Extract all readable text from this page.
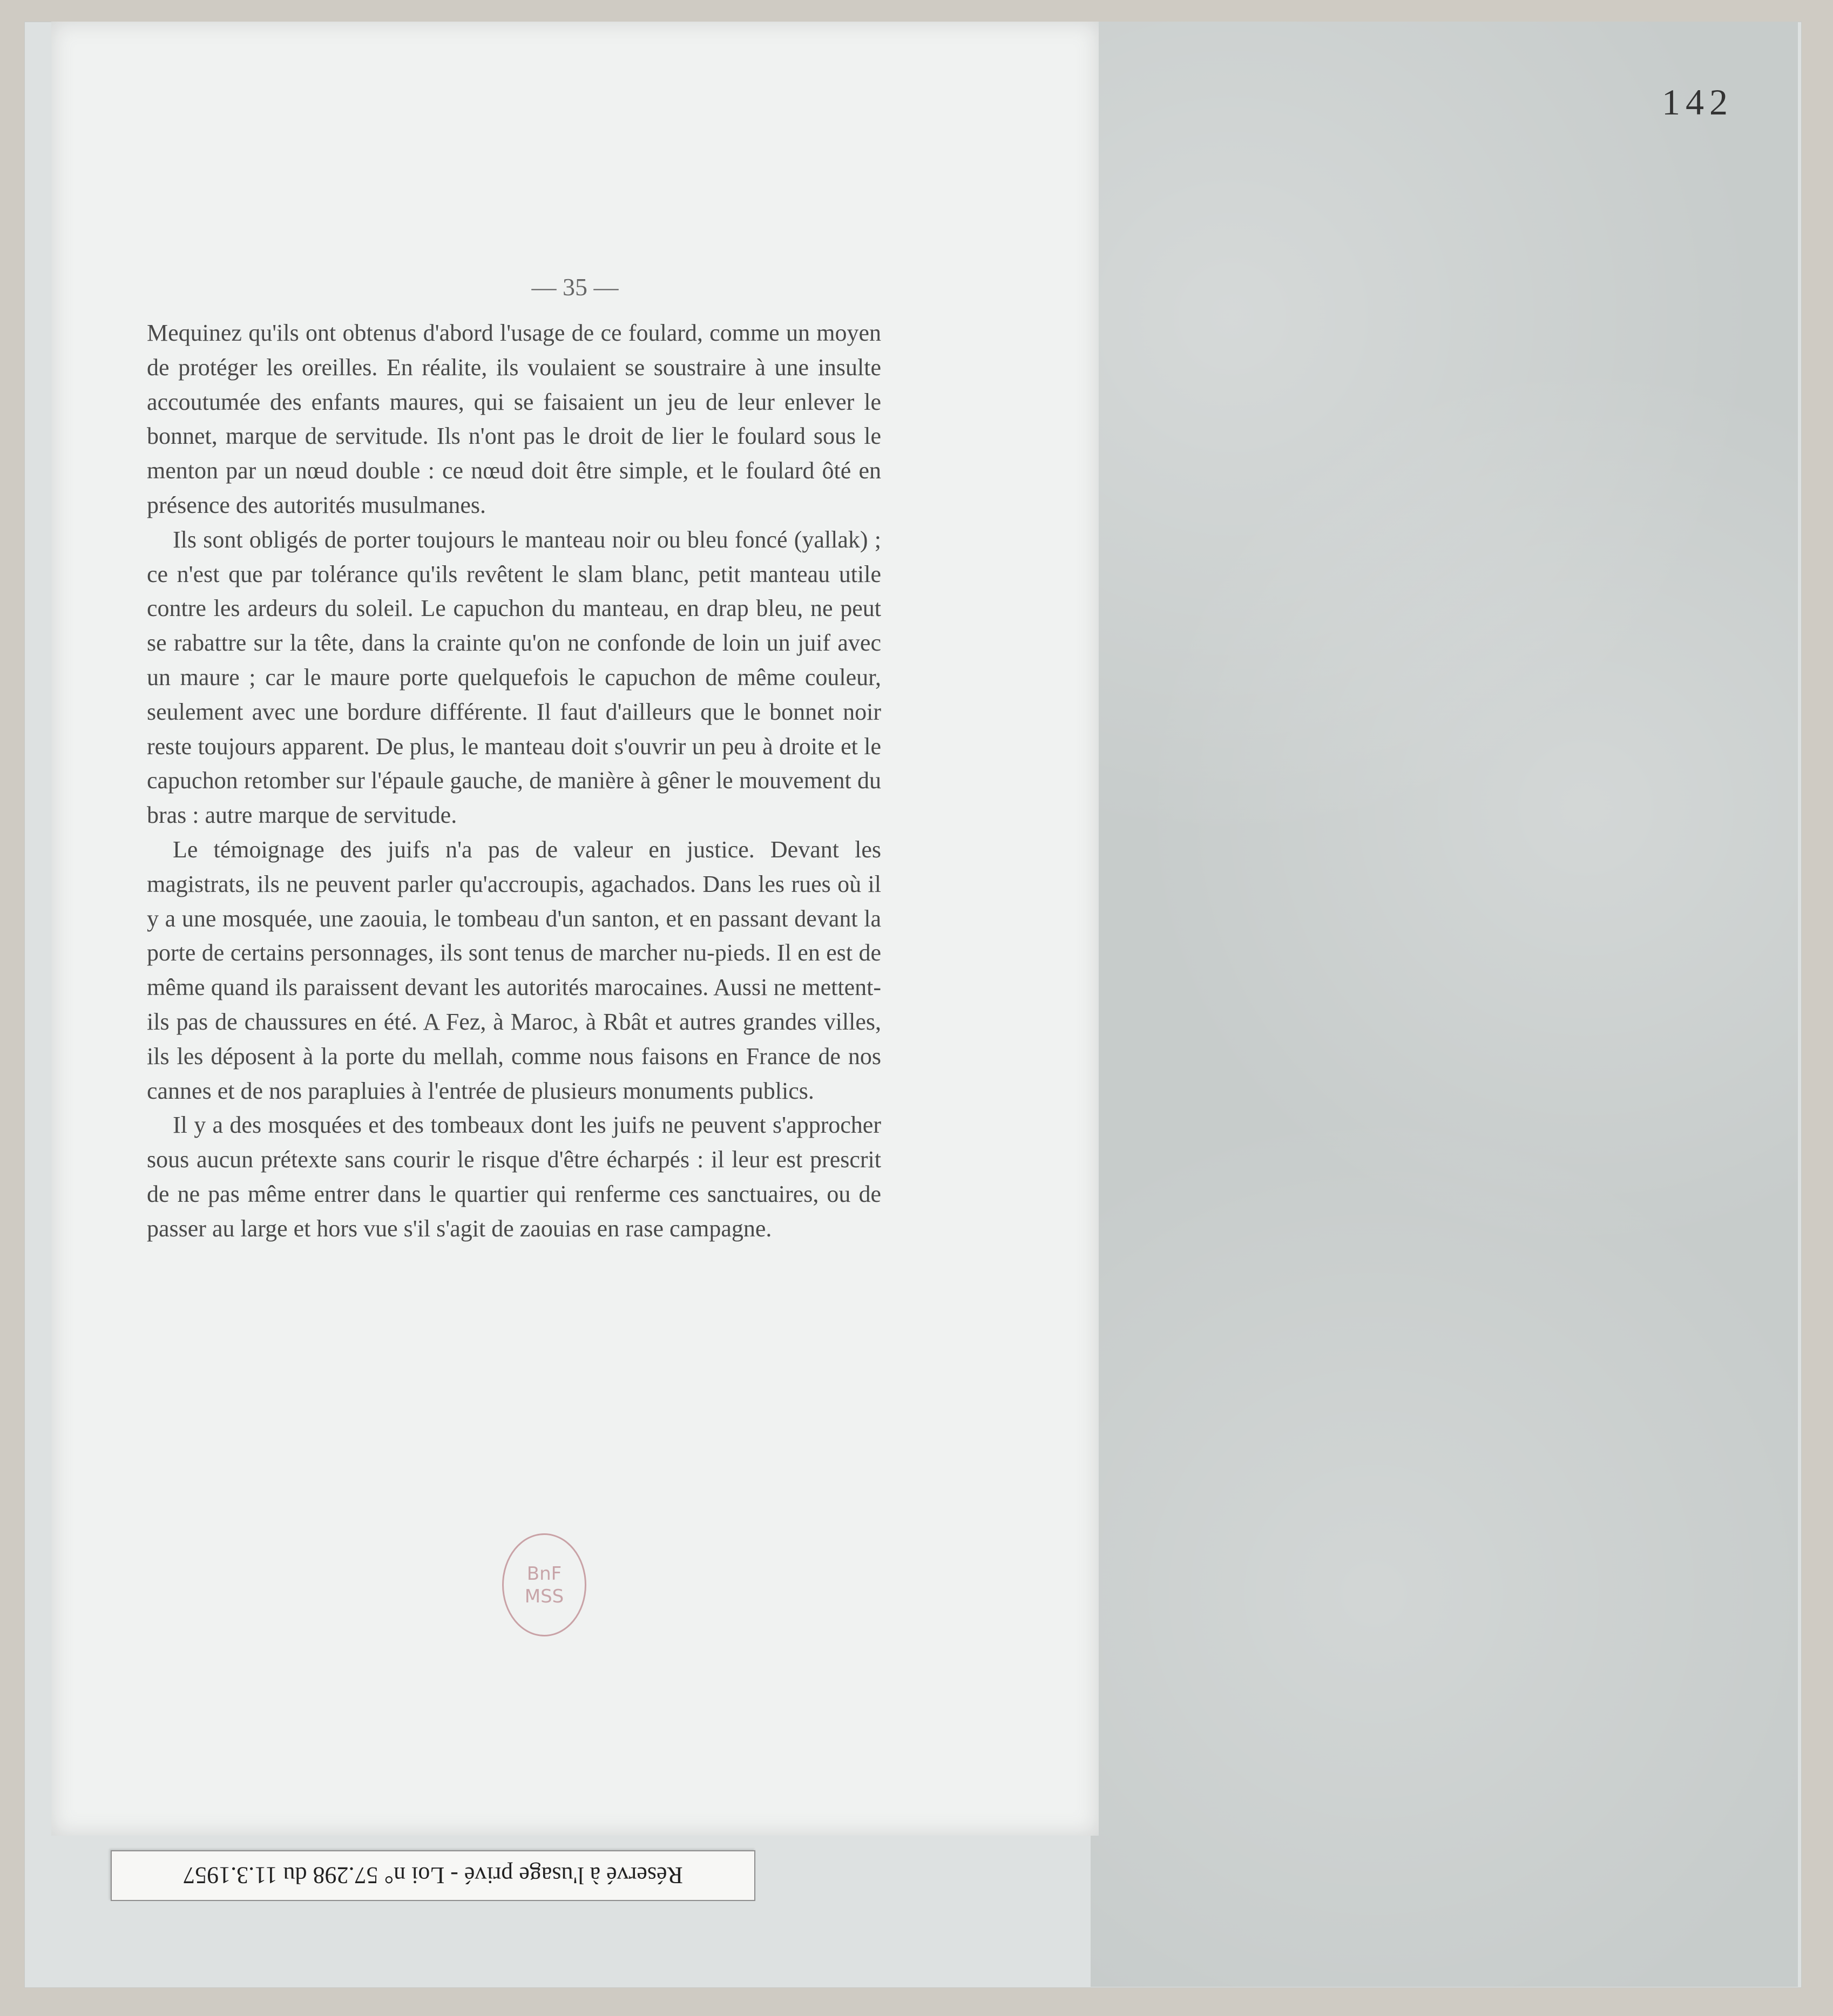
142
— 35 —

Mequinez qu'ils ont obtenus d'abord l'usage de ce foulard, comme un moyen de protéger les oreilles. En réalite, ils voulaient se soustraire à une insulte accoutumée des enfants maures, qui se faisaient un jeu de leur enlever le bonnet, marque de servitude. Ils n'ont pas le droit de lier le foulard sous le menton par un nœud double : ce nœud doit être simple, et le foulard ôté en présence des autorités musulmanes.

Ils sont obligés de porter toujours le manteau noir ou bleu foncé (yallak) ; ce n'est que par tolérance qu'ils revêtent le slam blanc, petit manteau utile contre les ardeurs du soleil. Le capuchon du manteau, en drap bleu, ne peut se rabattre sur la tête, dans la crainte qu'on ne confonde de loin un juif avec un maure ; car le maure porte quelquefois le capuchon de même couleur, seulement avec une bordure différente. Il faut d'ailleurs que le bonnet noir reste toujours apparent. De plus, le manteau doit s'ouvrir un peu à droite et le capuchon retomber sur l'épaule gauche, de manière à gêner le mouvement du bras : autre marque de servitude.

Le témoignage des juifs n'a pas de valeur en justice. Devant les magistrats, ils ne peuvent parler qu'accroupis, agachados. Dans les rues où il y a une mosquée, une zaouia, le tombeau d'un santon, et en passant devant la porte de certains personnages, ils sont tenus de marcher nu-pieds. Il en est de même quand ils paraissent devant les autorités marocaines. Aussi ne mettent-ils pas de chaussures en été. A Fez, à Maroc, à Rbât et autres grandes villes, ils les déposent à la porte du mellah, comme nous faisons en France de nos cannes et de nos parapluies à l'entrée de plusieurs monuments publics.

Il y a des mosquées et des tombeaux dont les juifs ne peuvent s'approcher sous aucun prétexte sans courir le risque d'être écharpés : il leur est prescrit de ne pas même entrer dans le quartier qui renferme ces sanctuaires, ou de passer au large et hors vue s'il s'agit de zaouias en rase campagne.

BnF
MSS
Réservé à l'usage privé - Loi n° 57.298 du 11.3.1957
